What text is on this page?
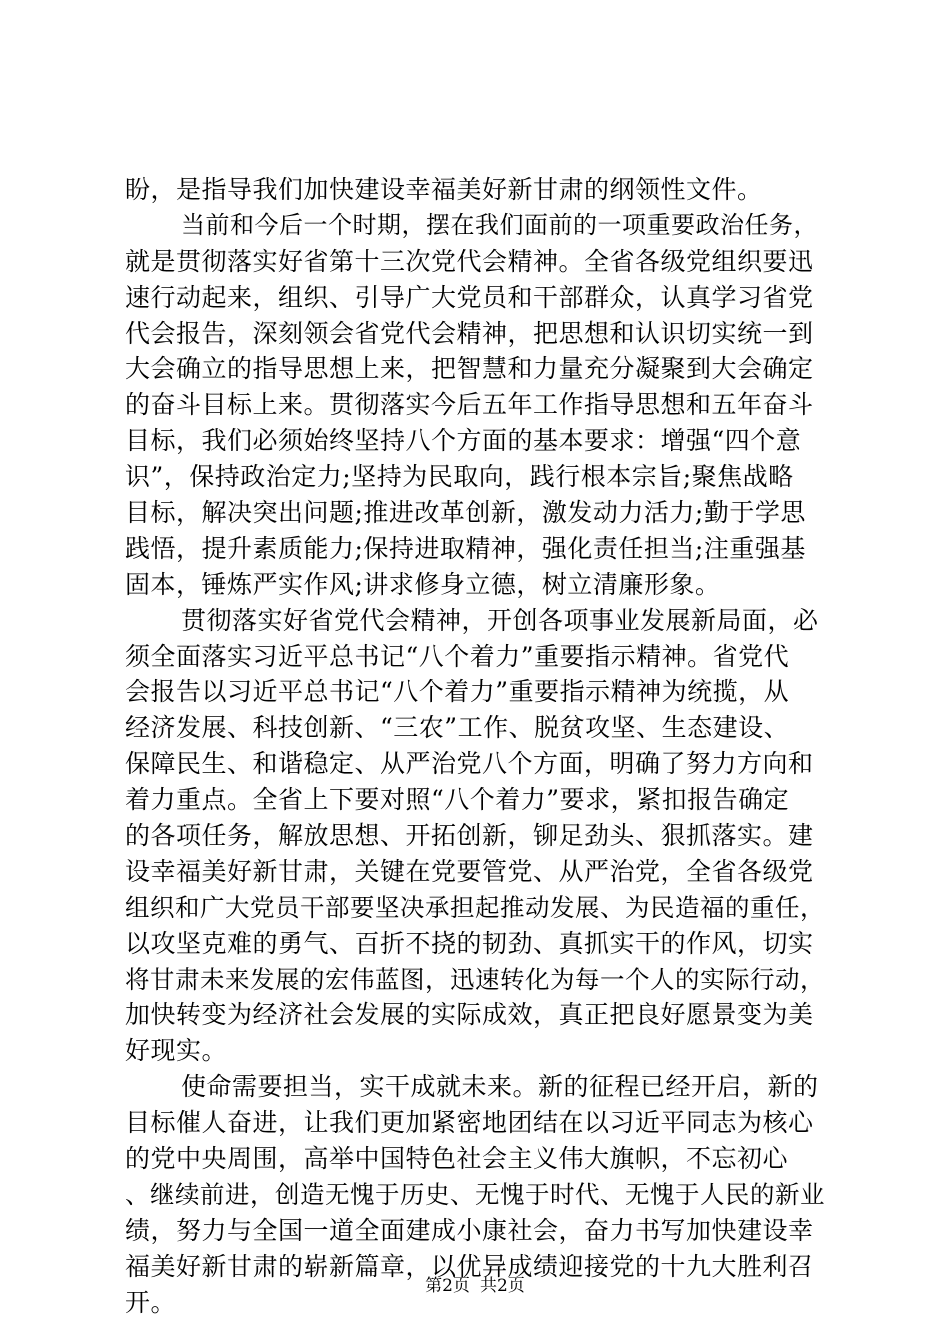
盼，是指导我们加快建设幸福美好新甘肃的纲领性文件。
当前和今后一个时期，摆在我们面前的一项重要政治任务，
就是贯彻落实好省第十三次党代会精神。全省各级党组织要迅
速行动起来，组织、引导广大党员和干部群众，认真学习省党
代会报告，深刻领会省党代会精神，把思想和认识切实统一到
大会确立的指导思想上来，把智慧和力量充分凝聚到大会确定
的奋斗目标上来。贯彻落实今后五年工作指导思想和五年奋斗
目标，我们必须始终坚持八个方面的基本要求：增强“四个意
识”，保持政治定力;坚持为民取向，践行根本宗旨;聚焦战略
目标，解决突出问题;推进改革创新，激发动力活力;勤于学思
践悟，提升素质能力;保持进取精神，强化责任担当;注重强基
固本，锤炼严实作风;讲求修身立德，树立清廉形象。
贯彻落实好省党代会精神，开创各项事业发展新局面，必
须全面落实习近平总书记“八个着力”重要指示精神。省党代
会报告以习近平总书记“八个着力”重要指示精神为统揽，从
经济发展、科技创新、“三农”工作、脱贫攻坚、生态建设、
保障民生、和谐稳定、从严治党八个方面，明确了努力方向和
着力重点。全省上下要对照“八个着力”要求，紧扣报告确定
的各项任务，解放思想、开拓创新，铆足劲头、狠抓落实。建
设幸福美好新甘肃，关键在党要管党、从严治党，全省各级党
组织和广大党员干部要坚决承担起推动发展、为民造福的重任，
以攻坚克难的勇气、百折不挠的韧劲、真抓实干的作风，切实
将甘肃未来发展的宏伟蓝图，迅速转化为每一个人的实际行动，
加快转变为经济社会发展的实际成效，真正把良好愿景变为美
好现实。
使命需要担当，实干成就未来。新的征程已经开启，新的
目标催人奋进，让我们更加紧密地团结在以习近平同志为核心
的党中央周围，高举中国特色社会主义伟大旗帜，不忘初心
、继续前进，创造无愧于历史、无愧于时代、无愧于人民的新业
绩，努力与全国一道全面建成小康社会，奋力书写加快建设幸
福美好新甘肃的崭新篇章，以优异成绩迎接党的十九大胜利召
开。
第2页 共2页
